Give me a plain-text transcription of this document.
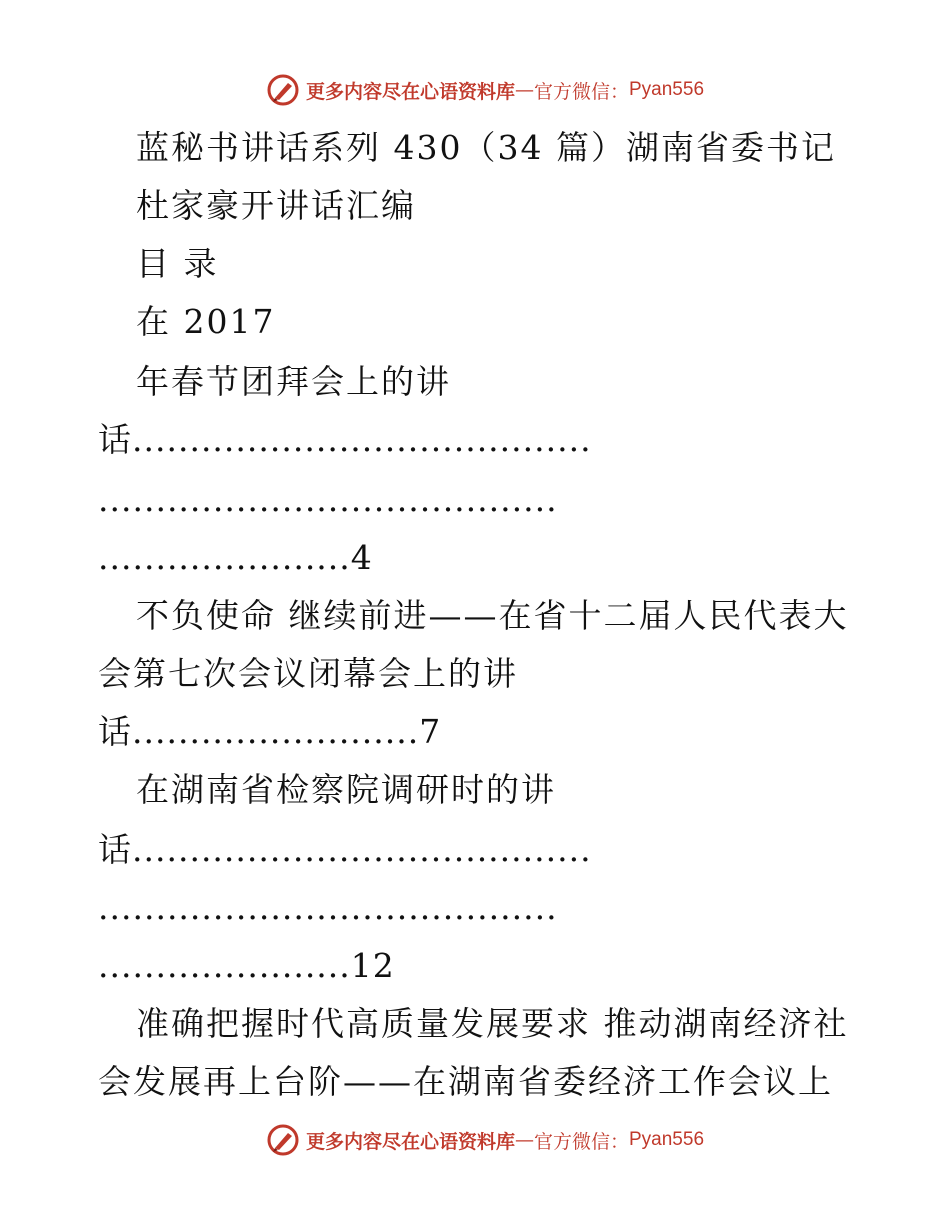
更多内容尽在心语资料库 — 官方微信： Pyan556
蓝秘书讲话系列 430（34 篇）湖南省委书记
杜家豪开讲话汇编
目 录
在 2017
年春节团拜会上的讲
话........................................
........................................
......................4
不负使命 继续前进——在省十二届人民代表大
会第七次会议闭幕会上的讲
话.........................7
在湖南省检察院调研时的讲
话........................................
........................................
......................12
准确把握时代高质量发展要求 推动湖南经济社
会发展再上台阶——在湖南省委经济工作会议上
更多内容尽在心语资料库 — 官方微信： Pyan556
